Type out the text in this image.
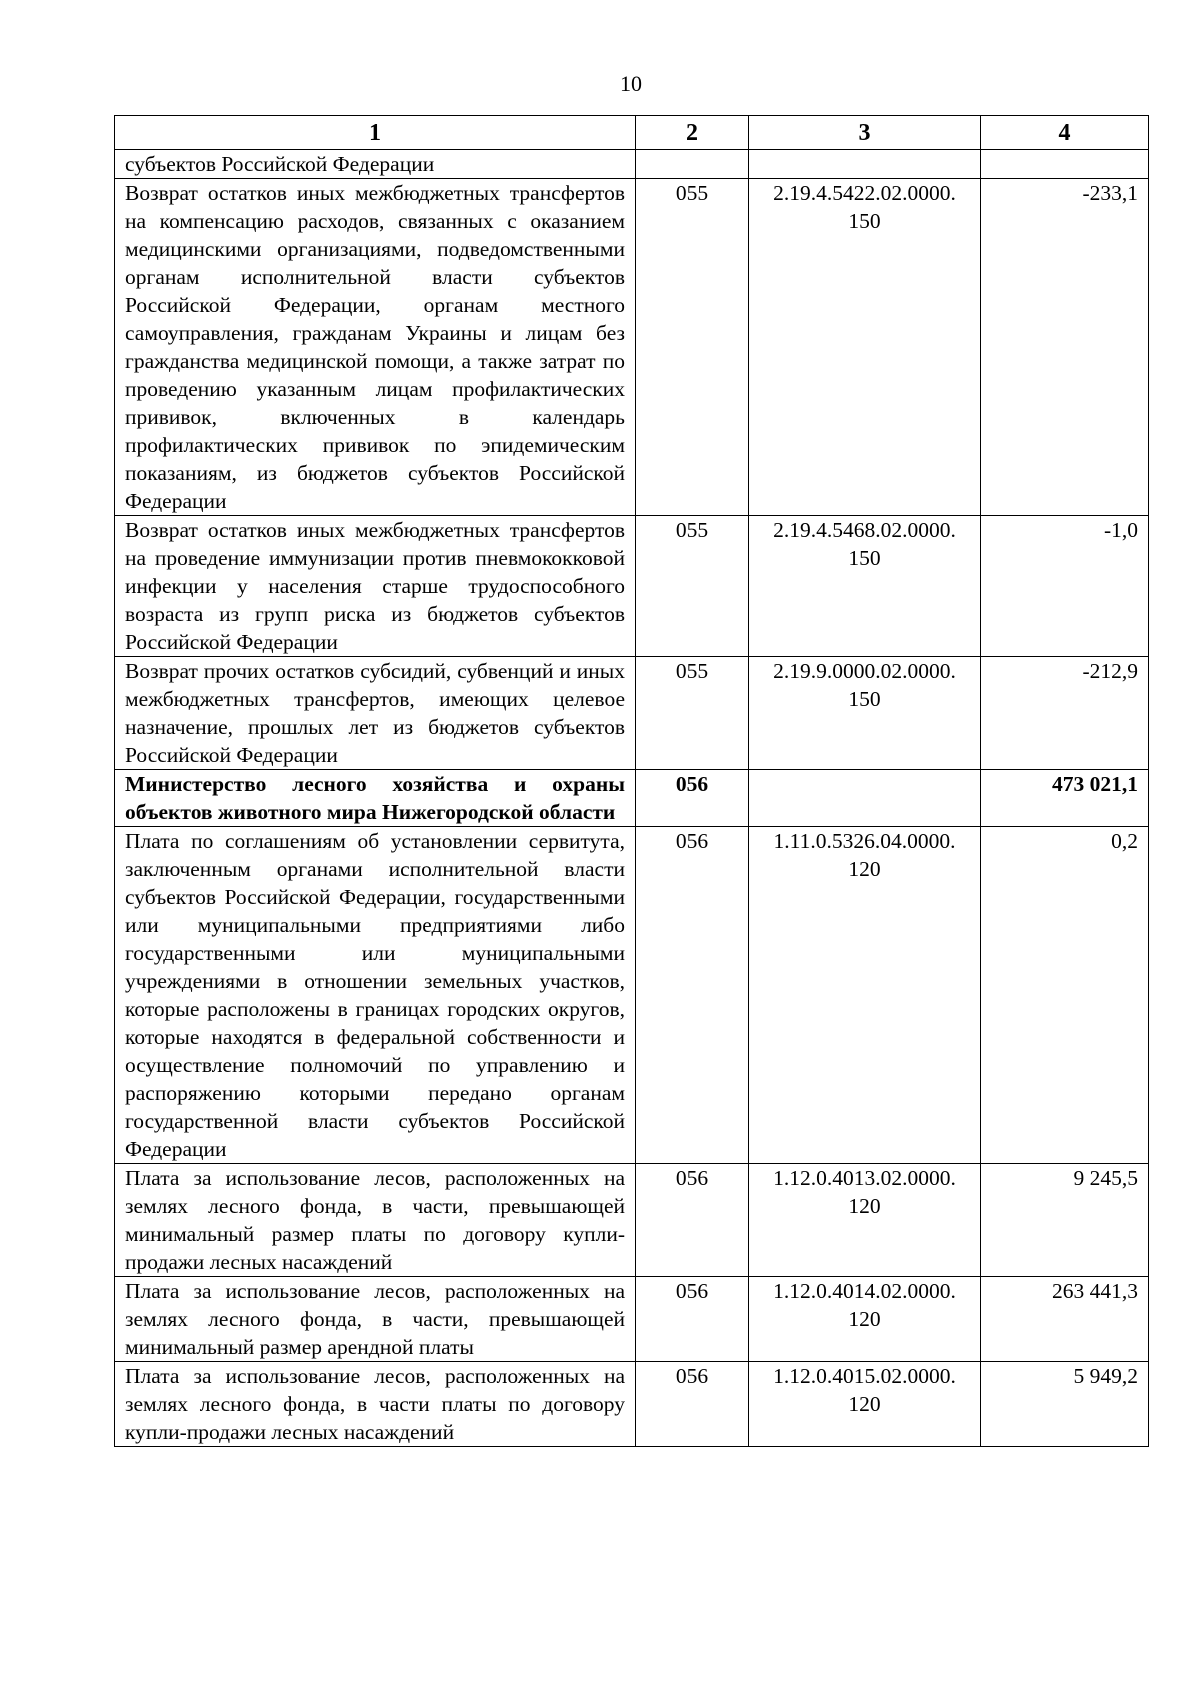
10
1	2	3	4
субъектов Российской Федерации			
Возврат остатков иных межбюджетных трансфертов на компенсацию расходов, связанных с оказанием медицинскими организациями, подведомственными органам исполнительной власти субъектов Российской Федерации, органам местного самоуправления, гражданам Украины и лицам без гражданства медицинской помощи, а также затрат по проведению указанным лицам профилактических прививок, включенных в календарь профилактических прививок по эпидемическим показаниям, из бюджетов субъектов Российской Федерации	055	2.19.4.5422.02.0000. 150	-233,1
Возврат остатков иных межбюджетных трансфертов на проведение иммунизации против пневмококковой инфекции у населения старше трудоспособного возраста из групп риска из бюджетов субъектов Российской Федерации	055	2.19.4.5468.02.0000. 150	-1,0
Возврат прочих остатков субсидий, субвенций и иных межбюджетных трансфертов, имеющих целевое назначение, прошлых лет из бюджетов субъектов Российской Федерации	055	2.19.9.0000.02.0000. 150	-212,9
Министерство лесного хозяйства и охраны объектов животного мира Нижегородской области	056		473 021,1
Плата по соглашениям об установлении сервитута, заключенным органами исполнительной власти субъектов Российской Федерации, государственными или муниципальными предприятиями либо государственными или муниципальными учреждениями в отношении земельных участков, которые расположены в границах городских округов, которые находятся в федеральной собственности и осуществление полномочий по управлению и распоряжению которыми передано органам государственной власти субъектов Российской Федерации	056	1.11.0.5326.04.0000. 120	0,2
Плата за использование лесов, расположенных на землях лесного фонда, в части, превышающей минимальный размер платы по договору купли-продажи лесных насаждений	056	1.12.0.4013.02.0000. 120	9 245,5
Плата за использование лесов, расположенных на землях лесного фонда, в части, превышающей минимальный размер арендной платы	056	1.12.0.4014.02.0000. 120	263 441,3
Плата за использование лесов, расположенных на землях лесного фонда, в части платы по договору купли-продажи лесных насаждений	056	1.12.0.4015.02.0000. 120	5 949,2
